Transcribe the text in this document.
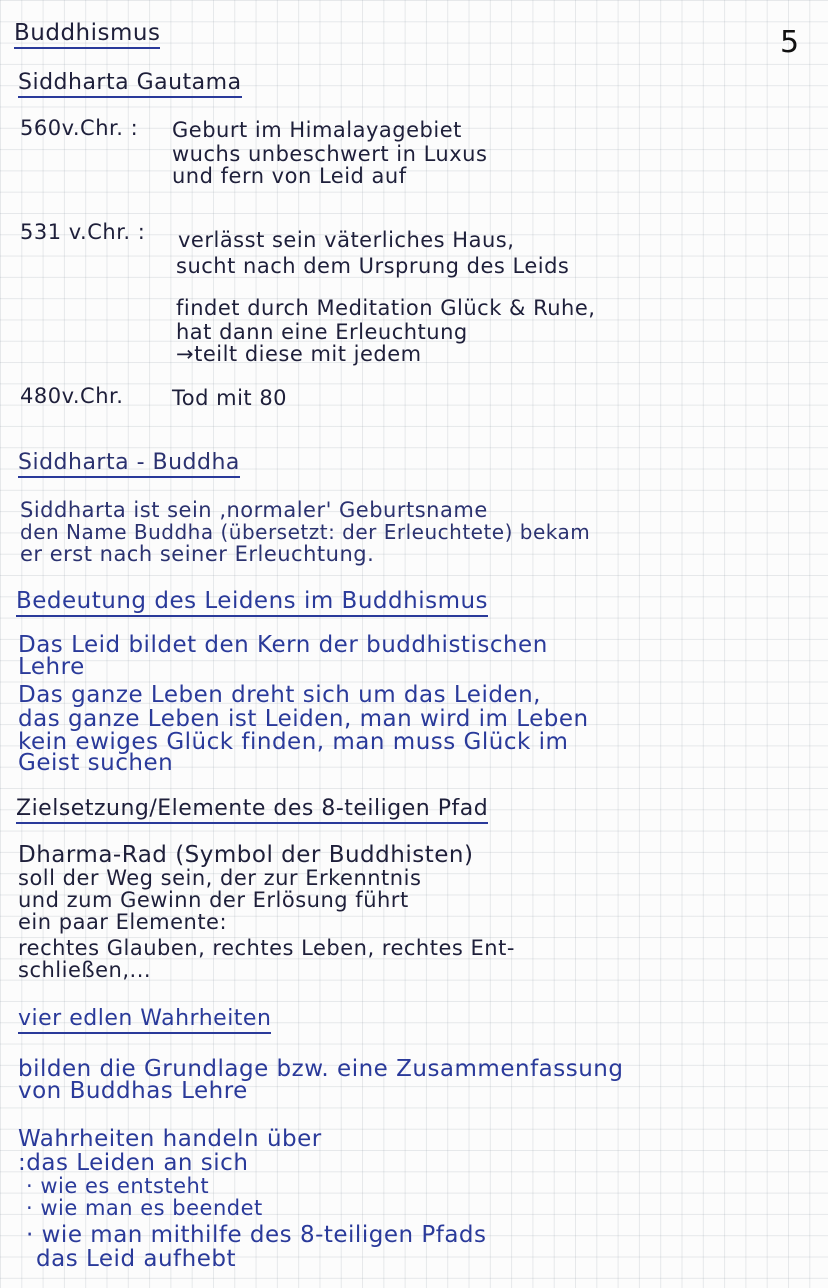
5
Buddhismus
Siddharta Gautama
560v.Chr. : Geburt im Himalayagebiet
wuchs unbeschwert in Luxus
und fern von Leid auf
531 v.Chr. : verlässt sein väterliches Haus,
sucht nach dem Ursprung des Leids
findet durch Meditation Glück & Ruhe,
hat dann eine Erleuchtung
→teilt diese mit jedem
480v.Chr. Tod mit 80
Siddharta - Buddha
Siddharta ist sein ‚normaler' Geburtsname
den Name Buddha (übersetzt: der Erleuchtete) bekam
er erst nach seiner Erleuchtung.
Bedeutung des Leidens im Buddhismus
Das Leid bildet den Kern der buddhistischen
Lehre
Das ganze Leben dreht sich um das Leiden,
das ganze Leben ist Leiden, man wird im Leben
kein ewiges Glück finden, man muss Glück im
Geist suchen
Zielsetzung/Elemente des 8-teiligen Pfad
Dharma-Rad (Symbol der Buddhisten)
soll der Weg sein, der zur Erkenntnis
und zum Gewinn der Erlösung führt
ein paar Elemente:
rechtes Glauben, rechtes Leben, rechtes Ent-
schließen,...
vier edlen Wahrheiten
bilden die Grundlage bzw. eine Zusammenfassung
von Buddhas Lehre
Wahrheiten handeln über
:das Leiden an sich
· wie es entsteht
· wie man es beendet
· wie man mithilfe des 8-teiligen Pfads
das Leid aufhebt
